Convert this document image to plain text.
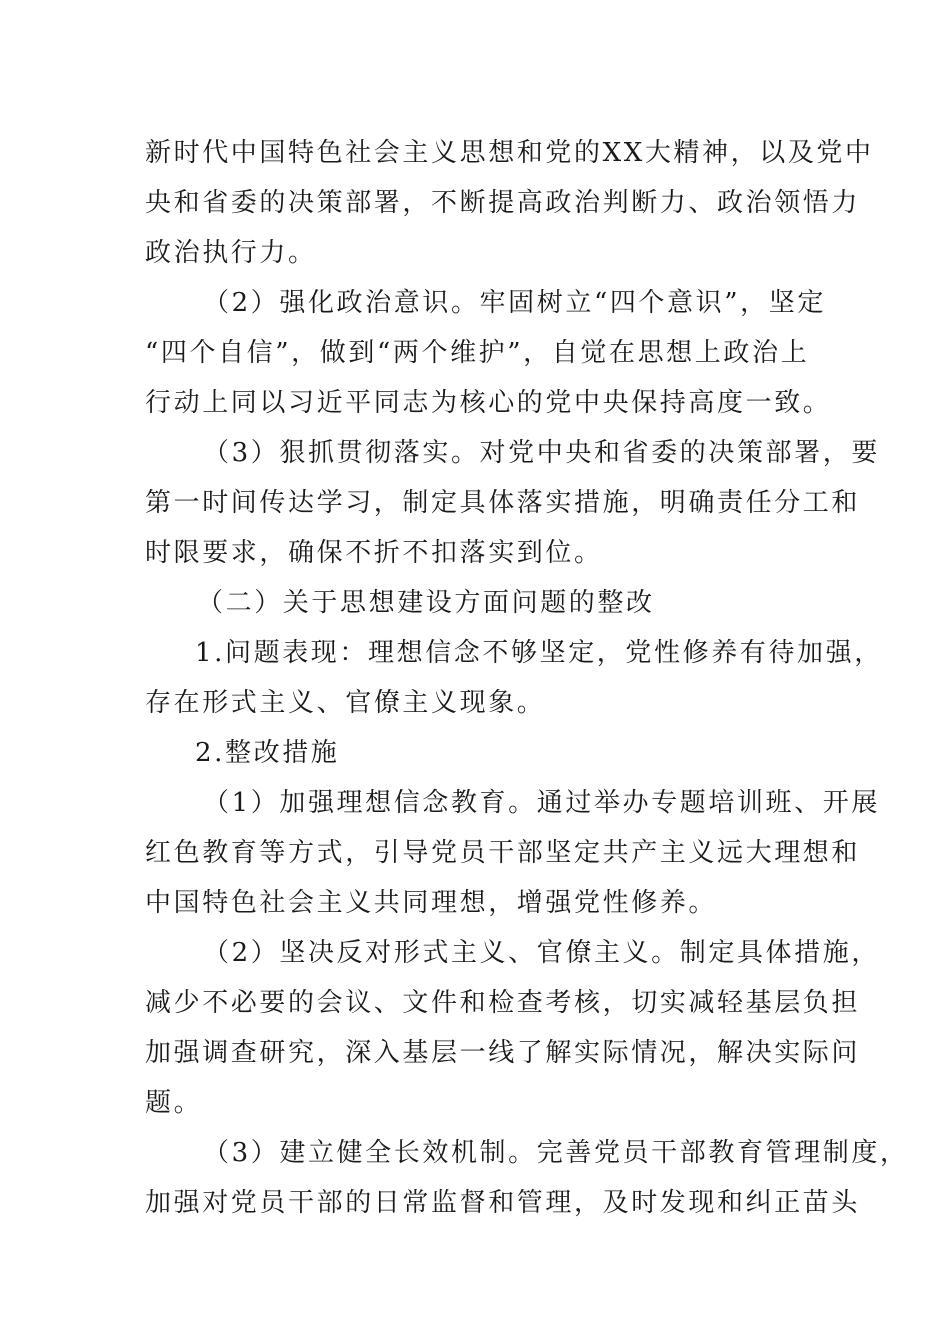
新时代中国特色社会主义思想和党的XX大精神，以及党中
央和省委的决策部署，不断提高政治判断力、政治领悟力
政治执行力。
（2）强化政治意识。牢固树立“四个意识”，坚定
“四个自信”，做到“两个维护”，自觉在思想上政治上
行动上同以习近平同志为核心的党中央保持高度一致。
（3）狠抓贯彻落实。对党中央和省委的决策部署，要
第一时间传达学习，制定具体落实措施，明确责任分工和
时限要求，确保不折不扣落实到位。
（二）关于思想建设方面问题的整改
1.问题表现：理想信念不够坚定，党性修养有待加强，
存在形式主义、官僚主义现象。
2.整改措施
（1）加强理想信念教育。通过举办专题培训班、开展
红色教育等方式，引导党员干部坚定共产主义远大理想和
中国特色社会主义共同理想，增强党性修养。
（2）坚决反对形式主义、官僚主义。制定具体措施，
减少不必要的会议、文件和检查考核，切实减轻基层负担
加强调查研究，深入基层一线了解实际情况，解决实际问
题。
（3）建立健全长效机制。完善党员干部教育管理制度，
加强对党员干部的日常监督和管理，及时发现和纠正苗头
